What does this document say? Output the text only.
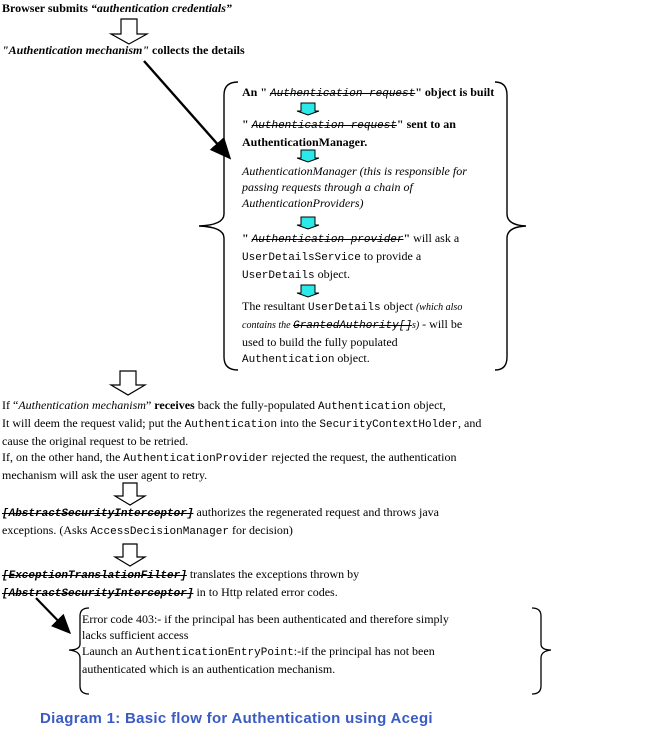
Browser submits “authentication credentials”
"Authentication mechanism" collects the details
An " Authentication request" object is built
" Authentication request" sent to an
AuthenticationManager.
AuthenticationManager (this is responsible for
passing requests through a chain of
AuthenticationProviders)
" Authentication provider" will ask a
UserDetailsService to provide a
UserDetails object.
The resultant UserDetails object (which also
contains the GrantedAuthority[]s) - will be
used to build the fully populated
Authentication object.
If “Authentication mechanism” receives back the fully-populated Authentication object,
It will deem the request valid; put the Authentication into the SecurityContextHolder, and
cause the original request to be retried.
If, on the other hand, the AuthenticationProvider rejected the request, the authentication
mechanism will ask the user agent to retry.
[AbstractSecurityInterceptor] authorizes the regenerated request and throws java
exceptions. (Asks AccessDecisionManager for decision)
[ExceptionTranslationFilter] translates the exceptions thrown by
[AbstractSecurityInterceptor] in to Http related error codes.
Error code 403:- if the principal has been authenticated and therefore simply
lacks sufficient access
Launch an AuthenticationEntryPoint:-if the principal has not been
authenticated which is an authentication mechanism.
Diagram 1: Basic flow for Authentication using Acegi
